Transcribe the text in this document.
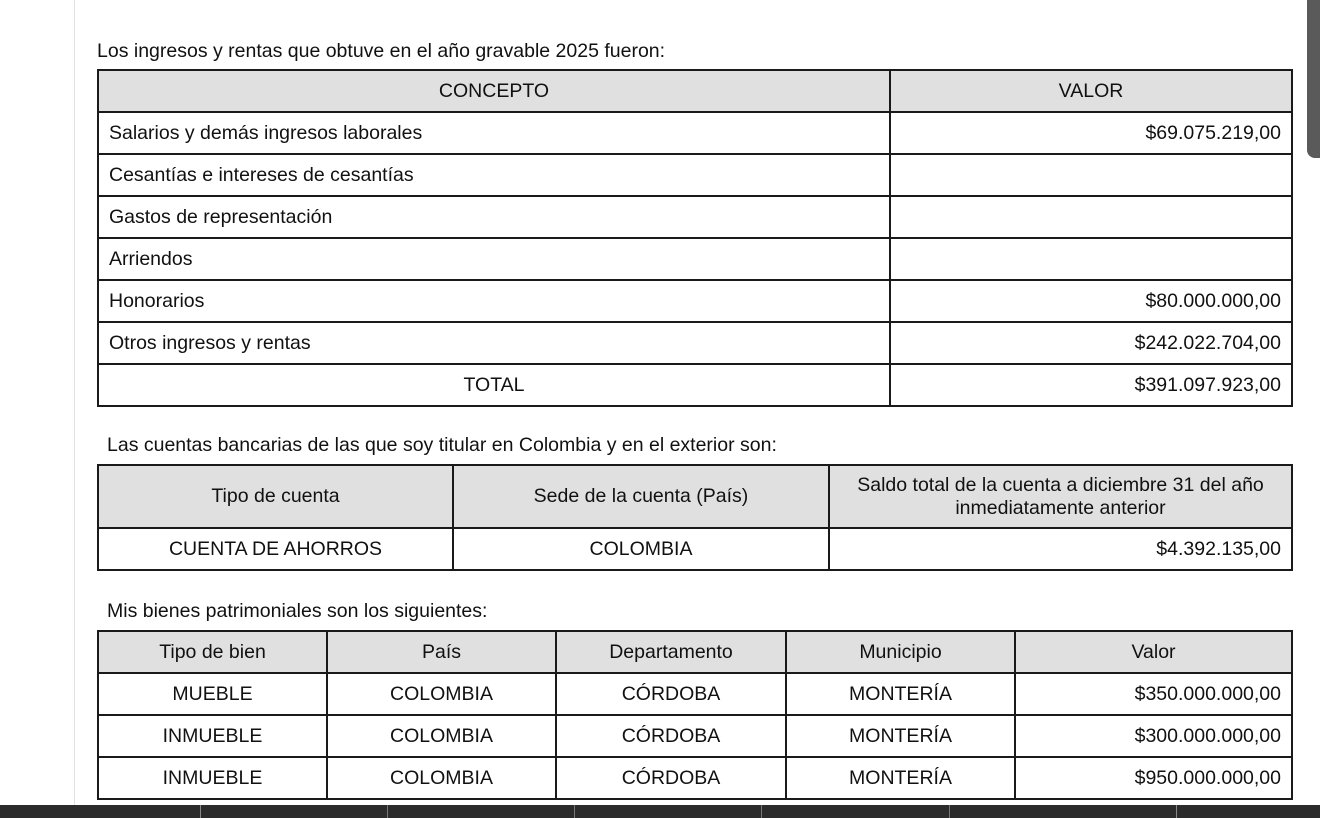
Los ingresos y rentas que obtuve en el año gravable 2025 fueron:
CONCEPTO	VALOR
Salarios y demás ingresos laborales	$69.075.219,00
Cesantías e intereses de cesantías	
Gastos de representación	
Arriendos	
Honorarios	$80.000.000,00
Otros ingresos y rentas	$242.022.704,00
TOTAL	$391.097.923,00
Las cuentas bancarias de las que soy titular en Colombia y en el exterior son:
Tipo de cuenta	Sede de la cuenta (País)	Saldo total de la cuenta a diciembre 31 del año inmediatamente anterior
CUENTA DE AHORROS	COLOMBIA	$4.392.135,00
Mis bienes patrimoniales son los siguientes:
Tipo de bien	País	Departamento	Municipio	Valor
MUEBLE	COLOMBIA	CÓRDOBA	MONTERÍA	$350.000.000,00
INMUEBLE	COLOMBIA	CÓRDOBA	MONTERÍA	$300.000.000,00
INMUEBLE	COLOMBIA	CÓRDOBA	MONTERÍA	$950.000.000,00
